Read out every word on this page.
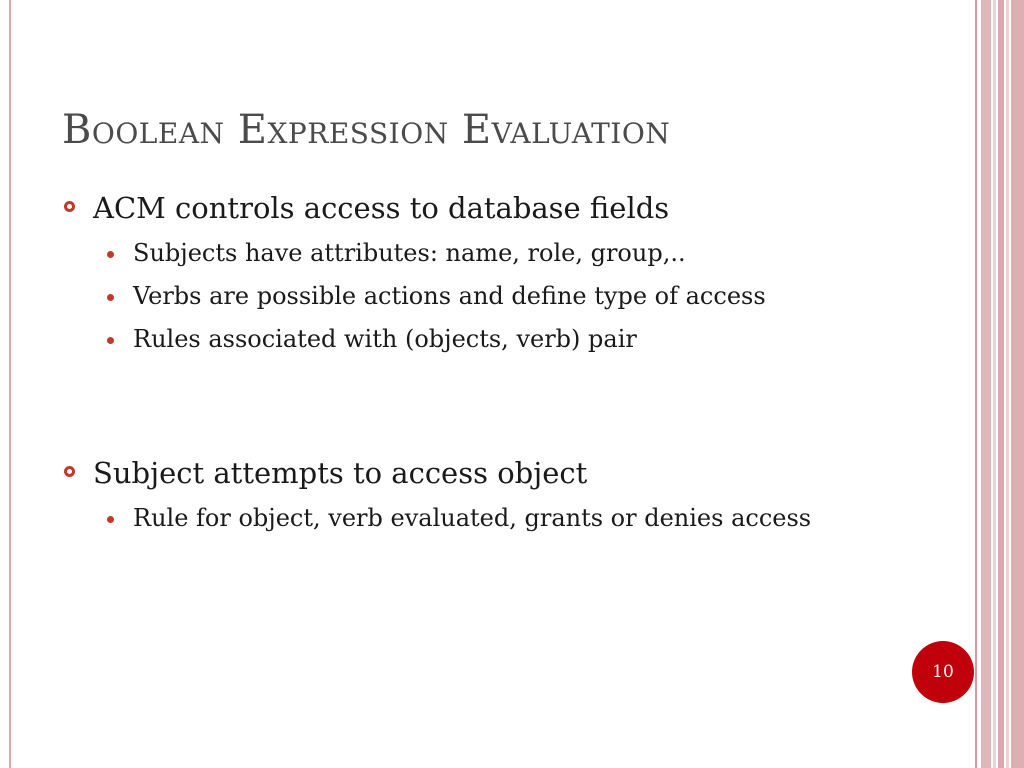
Boolean Expression Evaluation
ACM controls access to database fields
Subjects have attributes: name, role, group,..
Verbs are possible actions and define type of access
Rules associated with (objects, verb) pair
Subject attempts to access object
Rule for object, verb evaluated, grants or denies access
10
